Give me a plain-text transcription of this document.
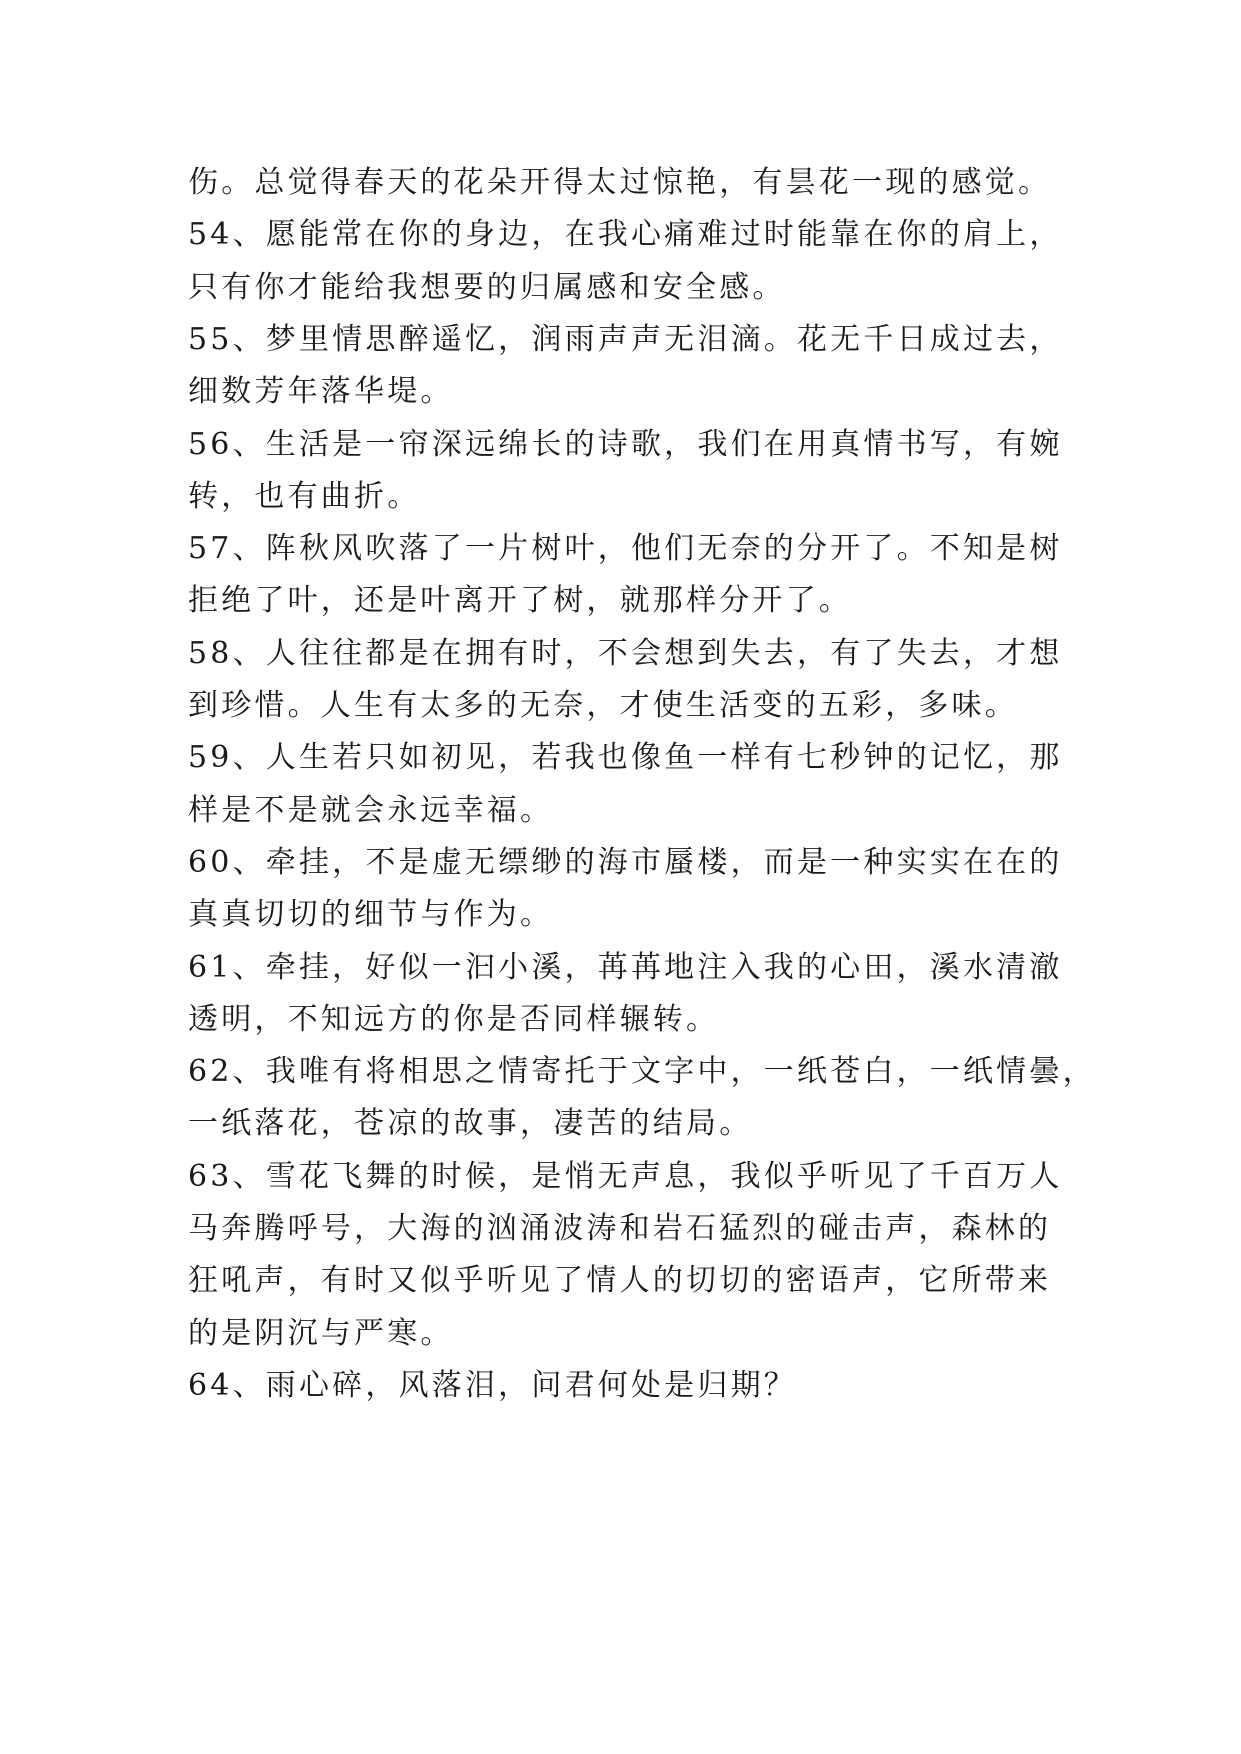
伤。总觉得春天的花朵开得太过惊艳，有昙花一现的感觉。
54、愿能常在你的身边，在我心痛难过时能靠在你的肩上，
只有你才能给我想要的归属感和安全感。
55、梦里情思醉遥忆，润雨声声无泪滴。花无千日成过去，
细数芳年落华堤。
56、生活是一帘深远绵长的诗歌，我们在用真情书写，有婉
转，也有曲折。
57、阵秋风吹落了一片树叶，他们无奈的分开了。不知是树
拒绝了叶，还是叶离开了树，就那样分开了。
58、人往往都是在拥有时，不会想到失去，有了失去，才想
到珍惜。人生有太多的无奈，才使生活变的五彩，多味。
59、人生若只如初见，若我也像鱼一样有七秒钟的记忆，那
样是不是就会永远幸福。
60、牵挂，不是虚无缥缈的海市蜃楼，而是一种实实在在的
真真切切的细节与作为。
61、牵挂，好似一汩小溪，苒苒地注入我的心田，溪水清澈
透明，不知远方的你是否同样辗转。
62、我唯有将相思之情寄托于文字中，一纸苍白，一纸情曇，
一纸落花，苍凉的故事，凄苦的结局。
63、雪花飞舞的时候，是悄无声息，我似乎听见了千百万人
马奔腾呼号，大海的汹涌波涛和岩石猛烈的碰击声，森林的
狂吼声，有时又似乎听见了情人的切切的密语声，它所带来
的是阴沉与严寒。
64、雨心碎，风落泪，问君何处是归期？
